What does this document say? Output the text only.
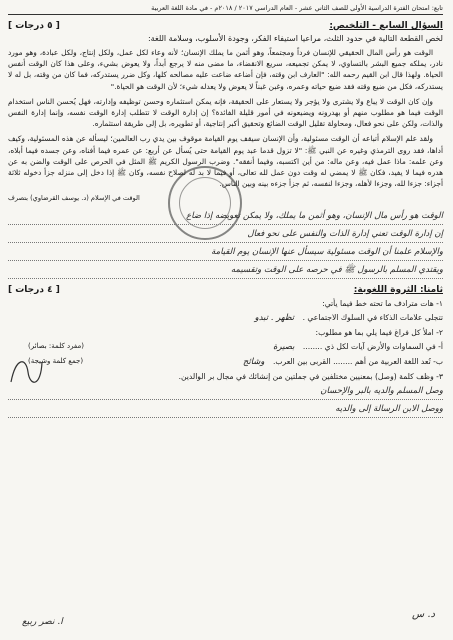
تابع: امتحان الفترة الدراسية الأولى للصف الثاني عشر - العام الدراسي ٢٠١٧ / ٢٠١٨م - في مادة اللغة العربية
السؤال السابع - التلخيص:
[ ٥ درجات ]
لخص القطعة التالية في حدود الثلث، مراعيا استيفاء الفكر، وجودة الأسلوب، وسلامة اللغة:

الوقت هو رأس المال الحقيقي للإنسان فرداً ومجتمعاً، وهو أثمن ما يملك الإنسان؛ لأنه وعاء لكل عمل، ولكل إنتاج، ولكل عبادة، وهو مورد نادر، يملكه جميع البشر بالتساوي، لا يمكن تجميعه، سريع الانقضاء، ما مضى منه لا يرجع أبداً، ولا يعوض بشيء، وعلى هذا كان الوقت أنفس الحياة. ولهذا قال ابن القيم رحمه الله: "العارف ابن وقته، فإن أضاعه ضاعت عليه مصالحه كلها، وكل ضرر يستدركه، فما كان من وقته، بل له لا يستدركه، فكل من ضيع وقته فقد ضيع حياته وعمره، وغبن غبناً لا يعوض ولا يعدله شيء؛ لأن الوقت هو الحياة."

وإن كان الوقت لا يباع ولا يشترى ولا يؤجر ولا يستعار على الحقيقة، فإنه يمكن استثماره وحسن توظيفه وإدارته، فهل يُحسن الناس استخدام الوقت فيما هو مطلوب منهم أو بهدرونه ويضيعونه في أمور قليلة الفائدة؟ إن إدارة الوقت لا تتطلب إدارة الوقت نفسه، وإنما إدارة النفس والذات، ولكن على نحو فعال، ومحاولة تقليل الوقت الضائع وتحقيق أكبر إنتاجية، أو تطويره، بل إلى طريقة استثماره.

ولقد علم الإسلام أتباعه أن الوقت مسئولية، وأن الإنسان سيقف يوم القيامة موقوف بين يدي رب العالمين؛ ليسأله عن هذه المسئولية، وكيف أداها، فقد روى الترمذي وغيره عن النبي ﷺ: "لا تزول قدما عبد يوم القيامة حتى يُسأل عن أربع: عن عمره فيما أفناه، وعن جسده فيما أبلاه، وعن علمه: ماذا عمل فيه، وعن ماله: من أين اكتسبه، وفيما أنفقه". وضرب الرسول الكريم ﷺ المثل في الحرص على الوقت والضن به عن هدره فيما لا يفيد، فكان ﷺ لا يمضي له وقت دون عمل لله تعالى، أو فيما لا بد له لصلاح نفسه، وكان ﷺ إذا دخل إلى منزله جزأ دخوله ثلاثة أجزاء: جزءا لله، وجزءا لأهله، وجزءا لنفسه، ثم جزأ جزءه بينه وبين الناس.

الوقت في الإسلام (د. يوسف القرضاوي) بتصرف
الوقت هو رأس مال الإنسان، وهو أثمن ما يملك، ولا يمكن تعويضه إذا ضاع
إن إدارة الوقت تعني إدارة الذات والنفس على نحو فعال
والإسلام علمنا أن الوقت مسئولية سيسأل عنها الإنسان يوم القيامة
ويقتدي المسلم بالرسول ﷺ في حرصه على الوقت وتقسيمه
ثامنا: الثروة اللغوية:
[ ٤ درجات ]
١- هات مترادف ما تحته خط فيما يأتي:
تتجلى علامات الذكاء في السلوك الاجتماعي . تظهر . تبدو
٢- املأ كل فراغ فيما يلي بما هو مطلوب:
أ- في السماوات والأرض آيات لكل ذي ........ بصيرة
(مفرد كلمة: بصائر)
ب- تُعد اللغة العربية من أهم ........ القربى بين العرب. وشائج
(جمع كلمة وشيجة)
٣- وظف كلمة (وصل) بمعنيين مختلفين في جملتين من إنشائك في مجال بر الوالدين.
وصل المسلم والديه بالبر والإحسان
ووصل الابن الرسالة إلى والديه
د. س
ا. نصر ربيع
